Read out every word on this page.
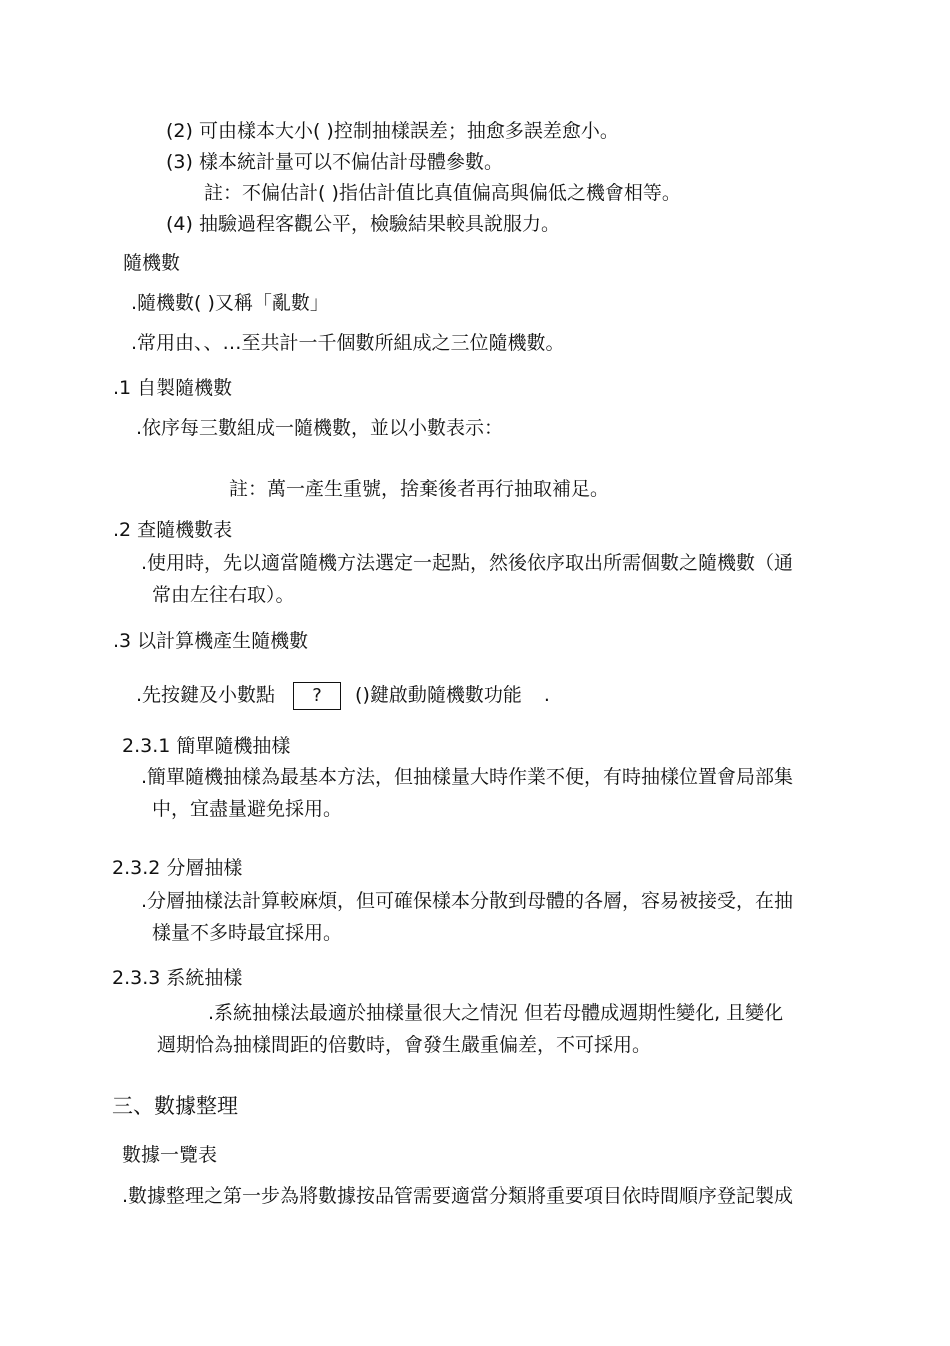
(2) 可由樣本大小( )控制抽樣誤差；抽愈多誤差愈小。
(3) 樣本統計量可以不偏估計母體參數。
註：不偏估計( )指估計值比真值偏高與偏低之機會相等。
(4) 抽驗過程客觀公平，檢驗結果較具說服力。
隨機數
.隨機數( )又稱「亂數」
.常用由、、…至共計一千個數所組成之三位隨機數。
.1 自製隨機數
.依序每三數組成一隨機數，並以小數表示：
註：萬一產生重號，捨棄後者再行抽取補足。
.2 查隨機數表
.使用時，先以適當隨機方法選定一起點，然後依序取出所需個數之隨機數（通
常由左往右取）。
.3 以計算機產生隨機數
.先按鍵及小數點 ? ()鍵啟動隨機數功能 .
2.3.1 簡單隨機抽樣
.簡單隨機抽樣為最基本方法，但抽樣量大時作業不便，有時抽樣位置會局部集
中，宜盡量避免採用。
2.3.2 分層抽樣
.分層抽樣法計算較麻煩，但可確保樣本分散到母體的各層，容易被接受，在抽
樣量不多時最宜採用。
2.3.3 系統抽樣
.系統抽樣法最適於抽樣量很大之情況 但若母體成週期性變化, 且變化
週期恰為抽樣間距的倍數時，會發生嚴重偏差，不可採用。
三、數據整理
數據一覽表
.數據整理之第一步為將數據按品管需要適當分類將重要項目依時間順序登記製成
